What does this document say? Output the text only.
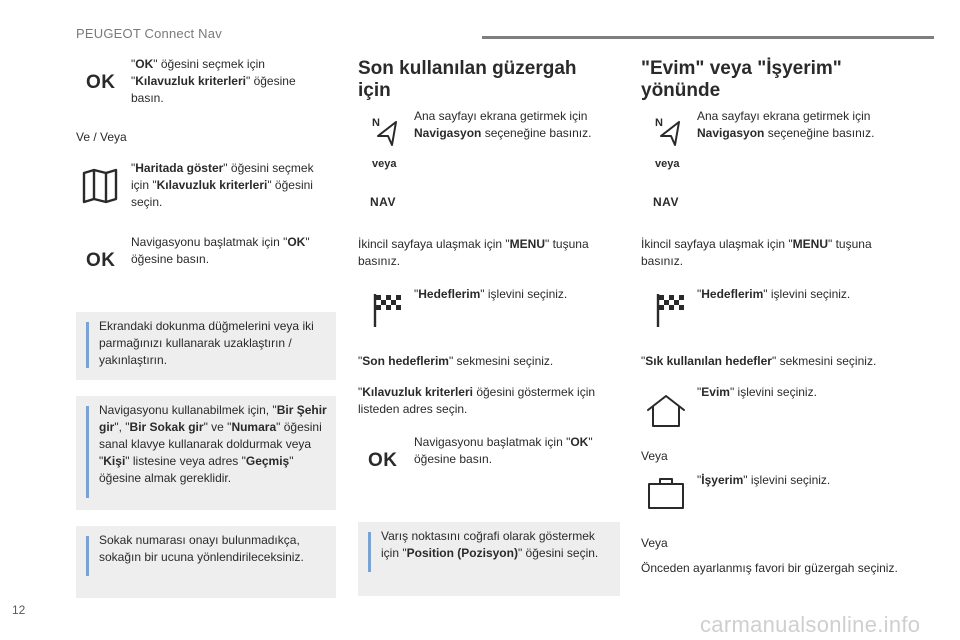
PEUGEOT Connect Nav
12
OK
"OK" öğesini seçmek için "Kılavuzluk kriterleri" öğesine basın.
Ve / Veya
"Haritada göster" öğesini seçmek için "Kılavuzluk kriterleri" öğesini seçin.
OK
Navigasyonu başlatmak için "OK" öğesine basın.
Ekrandaki dokunma düğmelerini veya iki parmağınızı kullanarak uzaklaştırın / yakınlaştırın.
Navigasyonu kullanabilmek için, "Bir Şehir gir", "Bir Sokak gir" ve "Numara" öğesini sanal klavye kullanarak doldurmak veya "Kişi" listesine veya adres "Geçmiş" öğesine almak gereklidir.
Sokak numarası onayı bulunmadıkça, sokağın bir ucuna yönlendirileceksiniz.
Son kullanılan güzergah için
N
veya
NAV
Ana sayfayı ekrana getirmek için Navigasyon seçeneğine basınız.
İkincil sayfaya ulaşmak için "MENU" tuşuna basınız.
"Hedeflerim" işlevini seçiniz.
"Son hedeflerim" sekmesini seçiniz.
"Kılavuzluk kriterleri öğesini göstermek için listeden adres seçin.
OK
Navigasyonu başlatmak için "OK" öğesine basın.
Varış noktasını coğrafi olarak göstermek için "Position (Pozisyon)" öğesini seçin.
"Evim" veya "İşyerim" yönünde
N
veya
NAV
Ana sayfayı ekrana getirmek için Navigasyon seçeneğine basınız.
İkincil sayfaya ulaşmak için "MENU" tuşuna basınız.
"Hedeflerim" işlevini seçiniz.
"Sık kullanılan hedefler" sekmesini seçiniz.
"Evim" işlevini seçiniz.
Veya
"İşyerim" işlevini seçiniz.
Veya
Önceden ayarlanmış favori bir güzergah seçiniz.
carmanualsonline.info
